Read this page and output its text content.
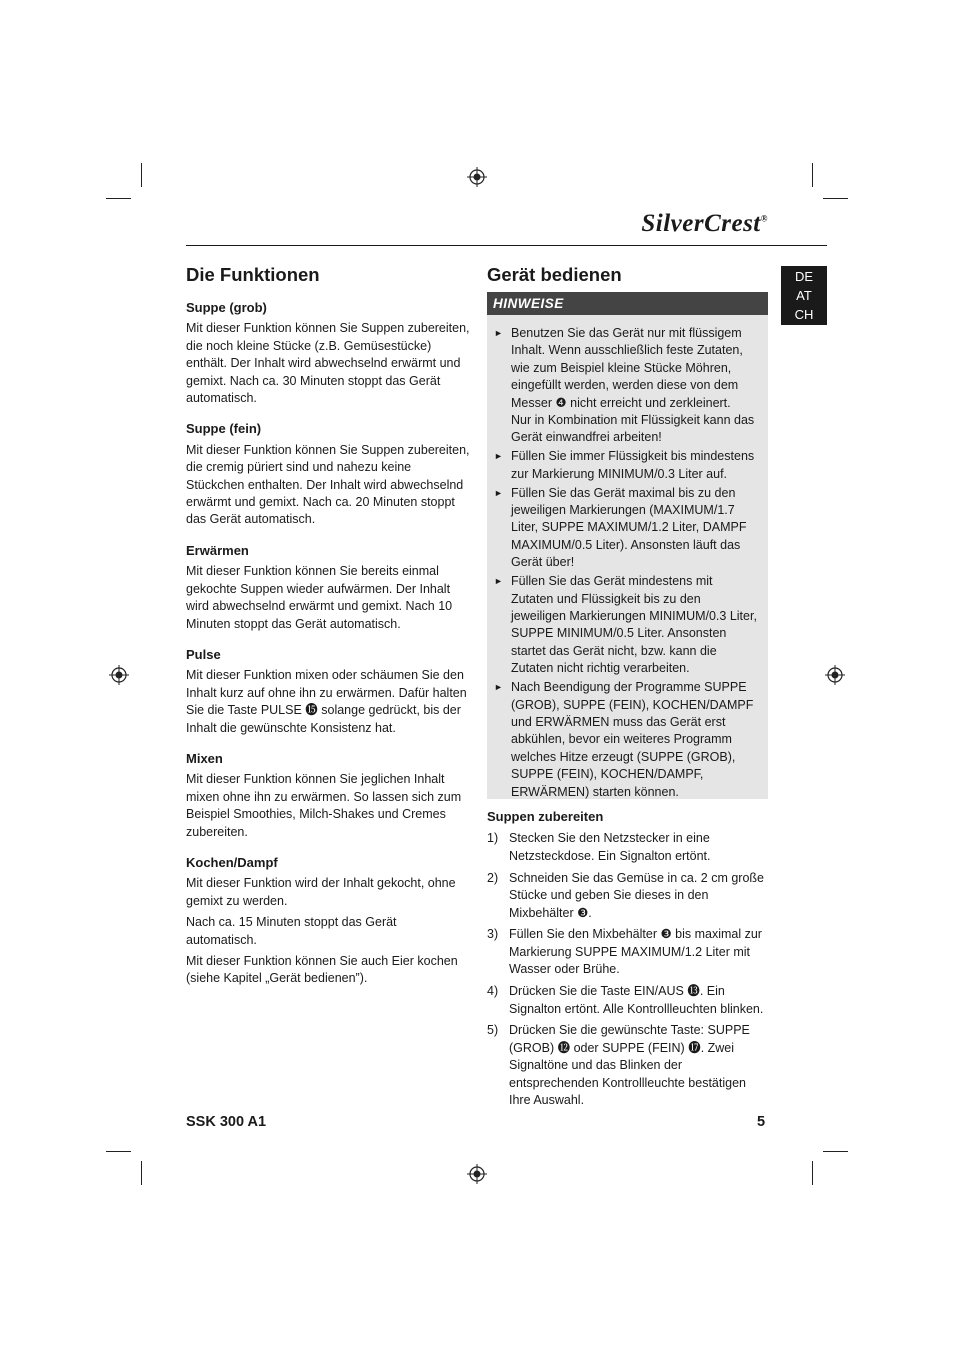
SilverCrest®
DE
AT
CH
Die Funktionen
Suppe (grob)

Mit dieser Funktion können Sie Suppen zubereiten, die noch kleine Stücke (z.B. Gemüsestücke) enthält. Der Inhalt wird abwechselnd erwärmt und gemixt. Nach ca. 30 Minuten stoppt das Gerät automatisch.

Suppe (fein)

Mit dieser Funktion können Sie Suppen zubereiten, die cremig püriert sind und nahezu keine Stückchen enthalten. Der Inhalt wird abwechselnd erwärmt und gemixt. Nach ca. 20 Minuten stoppt das Gerät automatisch.

Erwärmen

Mit dieser Funktion können Sie bereits einmal gekochte Suppen wieder aufwärmen. Der Inhalt wird abwechselnd erwärmt und gemixt. Nach 10 Minuten stoppt das Gerät automatisch.

Pulse

Mit dieser Funktion mixen oder schäumen Sie den Inhalt kurz auf ohne ihn zu erwärmen. Dafür halten Sie die Taste PULSE ⓯ solange gedrückt, bis der Inhalt die gewünschte Konsistenz hat.

Mixen

Mit dieser Funktion können Sie jeglichen Inhalt mixen ohne ihn zu erwärmen. So lassen sich zum Beispiel Smoothies, Milch-Shakes und Cremes zubereiten.

Kochen/Dampf

Mit dieser Funktion wird der Inhalt gekocht, ohne gemixt zu werden.

Nach ca. 15 Minuten stoppt das Gerät automatisch.

Mit dieser Funktion können Sie auch Eier kochen (siehe Kapitel „Gerät bedienen”).

Gerät bedienen
HINWEISE
► Benutzen Sie das Gerät nur mit flüssigem Inhalt. Wenn ausschließlich feste Zutaten, wie zum Beispiel kleine Stücke Möhren, eingefüllt werden, werden diese von dem Messer ❹ nicht erreicht und zerkleinert.
Nur in Kombination mit Flüssigkeit kann das Gerät einwandfrei arbeiten!
► Füllen Sie immer Flüssigkeit bis mindestens zur Markierung MINIMUM/0.3 Liter auf.
► Füllen Sie das Gerät maximal bis zu den jeweiligen Markierungen (MAXIMUM/1.7 Liter, SUPPE MAXIMUM/1.2 Liter, DAMPF MAXIMUM/0.5 Liter). Ansonsten läuft das Gerät über!
► Füllen Sie das Gerät mindestens mit Zutaten und Flüssigkeit bis zu den jeweiligen Markierungen MINIMUM/0.3 Liter, SUPPE MINIMUM/0.5 Liter. Ansonsten startet das Gerät nicht, bzw. kann die Zutaten nicht richtig verarbeiten.
► Nach Beendigung der Programme SUPPE (GROB), SUPPE (FEIN), KOCHEN/DAMPF und ERWÄRMEN muss das Gerät erst abkühlen, bevor ein weiteres Programm welches Hitze erzeugt (SUPPE (GROB), SUPPE (FEIN), KOCHEN/DAMPF, ERWÄRMEN) starten können.
Suppen zubereiten
1) Stecken Sie den Netzstecker in eine Netzsteckdose. Ein Signalton ertönt.
2) Schneiden Sie das Gemüse in ca. 2 cm große Stücke und geben Sie dieses in den Mixbehälter ❸.
3) Füllen Sie den Mixbehälter ❸ bis maximal zur Markierung SUPPE MAXIMUM/1.2 Liter mit Wasser oder Brühe.
4) Drücken Sie die Taste EIN/AUS ⓭. Ein Signalton ertönt. Alle Kontrollleuchten blinken.
5) Drücken Sie die gewünschte Taste: SUPPE (GROB) ⓬ oder SUPPE (FEIN) ⓱. Zwei Signaltöne und das Blinken der entsprechenden Kontrollleuchte bestätigen Ihre Auswahl.
SSK 300 A1	5
